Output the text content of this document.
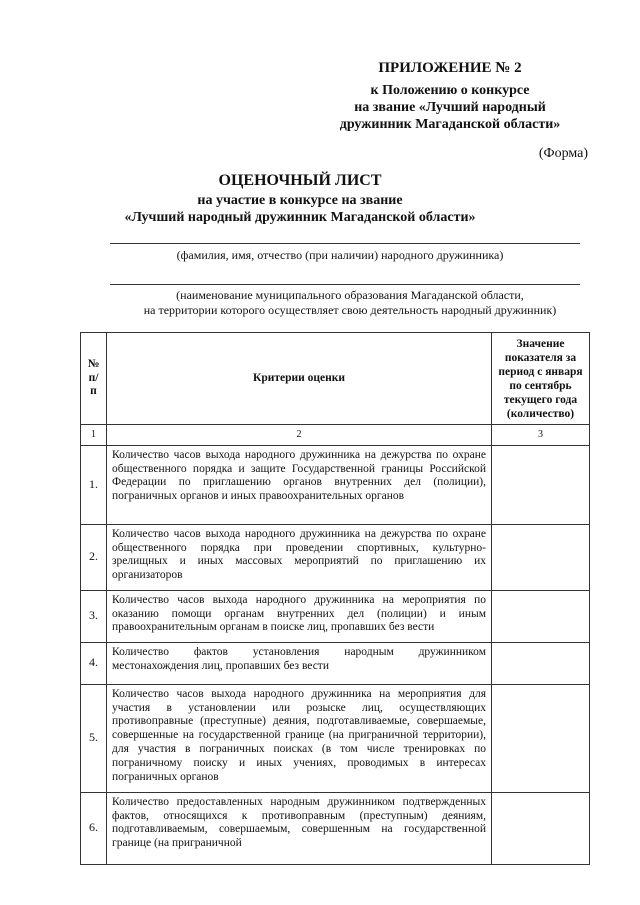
ПРИЛОЖЕНИЕ № 2
к Положению о конкурсе
на звание «Лучший народный
дружинник Магаданской области»
(Форма)
ОЦЕНОЧНЫЙ ЛИСТ
на участие в конкурсе на звание
«Лучший народный дружинник Магаданской области»
(фамилия, имя, отчество (при наличии) народного дружинника)
(наименование муниципального образования Магаданской области,
на территории которого осуществляет свою деятельность народный дружинник)
№ п/п	Критерии оценки	Значение показателя за период с января по сентябрь текущего года (количество)
1	2	3
1.	Количество часов выхода народного дружинника на дежурства по охране общественного порядка и защите Государственной границы Российской Федерации по приглашению органов внутренних дел (полиции), пограничных органов и иных правоохранительных органов	
2.	Количество часов выхода народного дружинника на дежурства по охране общественного порядка при проведении спортивных, культурно-зрелищных и иных массовых мероприятий по приглашению их организаторов	
3.	Количество часов выхода народного дружинника на мероприятия по оказанию помощи органам внутренних дел (полиции) и иным правоохранительным органам в поиске лиц, пропавших без вести	
4.	Количество фактов установления народным дружинником местонахождения лиц, пропавших без вести	
5.	Количество часов выхода народного дружинника на мероприятия для участия в установлении или розыске лиц, осуществляющих противоправные (преступные) деяния, подготавливаемые, совершаемые, совершенные на государственной границе (на приграничной территории), для участия в пограничных поисках (в том числе тренировках по пограничному поиску и иных учениях, проводимых в интересах пограничных органов	
6.	Количество предоставленных народным дружинником подтвержденных фактов, относящихся к противоправным (преступным) деяниям, подготавливаемым, совершаемым, совершенным на государственной границе (на приграничной	
